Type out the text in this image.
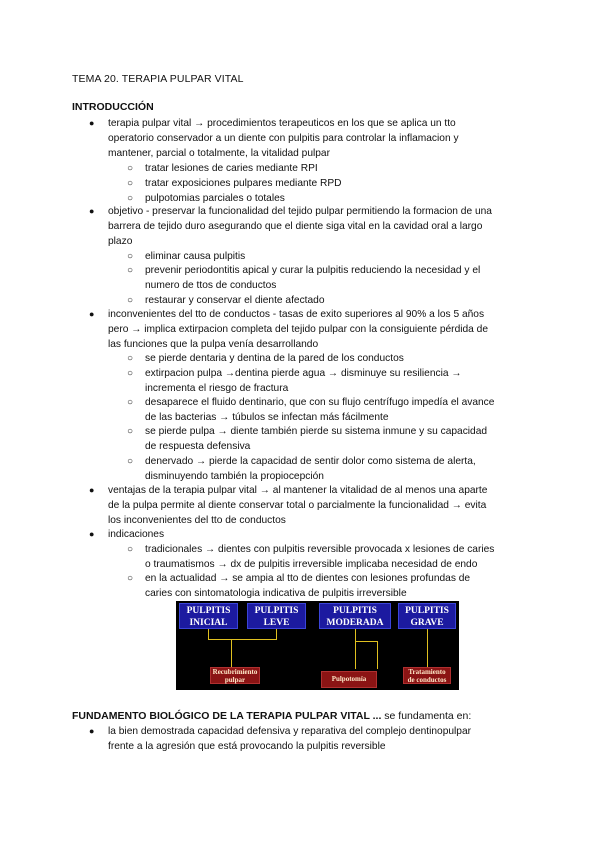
TEMA 20. TERAPIA PULPAR VITAL
INTRODUCCIÓN
● terapia pulpar vital → procedimientos terapeuticos en los que se aplica un tto
operatorio conservador a un diente con pulpitis para controlar la inflamacion y
mantener, parcial o totalmente, la vitalidad pulpar
○ tratar lesiones de caries mediante RPI
○ tratar exposiciones pulpares mediante RPD
○ pulpotomias parciales o totales
● objetivo - preservar la funcionalidad del tejido pulpar permitiendo la formacion de una
barrera de tejido duro asegurando que el diente siga vital en la cavidad oral a largo
plazo
○ eliminar causa pulpitis
○ prevenir periodontitis apical y curar la pulpitis reduciendo la necesidad y el
numero de ttos de conductos
○ restaurar y conservar el diente afectado
● inconvenientes del tto de conductos - tasas de exito superiores al 90% a los 5 años
pero → implica extirpacion completa del tejido pulpar con la consiguiente pérdida de
las funciones que la pulpa venía desarrollando
○ se pierde dentaria y dentina de la pared de los conductos
○ extirpacion pulpa →dentina pierde agua → disminuye su resiliencia →
incrementa el riesgo de fractura
○ desaparece el fluido dentinario, que con su flujo centrífugo impedía el avance
de las bacterias → túbulos se infectan más fácilmente
○ se pierde pulpa → diente también pierde su sistema inmune y su capacidad
de respuesta defensiva
○ denervado → pierde la capacidad de sentir dolor como sistema de alerta,
disminuyendo también la propiocepción
● ventajas de la terapia pulpar vital → al mantener la vitalidad de al menos una aparte
de la pulpa permite al diente conservar total o parcialmente la funcionalidad → evita
los inconvenientes del tto de conductos
● indicaciones
○ tradicionales → dientes con pulpitis reversible provocada x lesiones de caries
o traumatismos → dx de pulpitis irreversible implicaba necesidad de endo
○ en la actualidad → se ampia al tto de dientes con lesiones profundas de
caries con sintomatologia indicativa de pulpitis irreversible
PULPITIS
INICIAL
PULPITIS
LEVE
PULPITIS
MODERADA
PULPITIS
GRAVE
Recubrimiento
pulpar	Pulpotomía
Tratamiento
de conductos
FUNDAMENTO BIOLÓGICO DE LA TERAPIA PULPAR VITAL ... se fundamenta en:
● la bien demostrada capacidad defensiva y reparativa del complejo dentinopulpar
frente a la agresión que está provocando la pulpitis reversible
